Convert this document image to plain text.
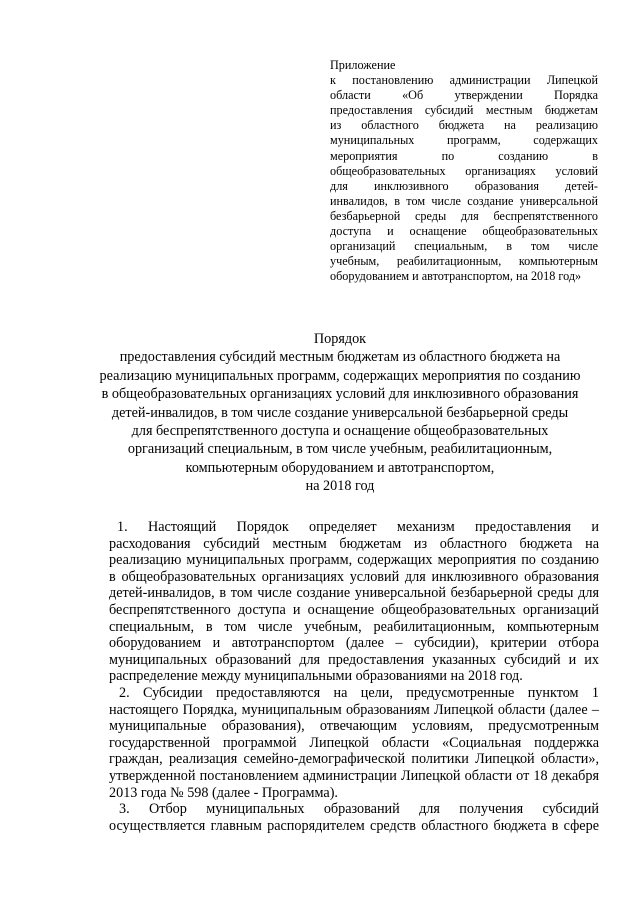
Приложение
к постановлению администрации Липецкой
области «Об утверждении Порядка
предоставления субсидий местным бюджетам
из областного бюджета на реализацию
муниципальных программ, содержащих
мероприятия по созданию в
общеобразовательных организациях условий
для инклюзивного образования детей-
инвалидов, в том числе создание универсальной
безбарьерной среды для беспрепятственного
доступа и оснащение общеобразовательных
организаций специальным, в том числе
учебным, реабилитационным, компьютерным
оборудованием и автотранспортом, на 2018 год»
Порядок
предоставления субсидий местным бюджетам из областного бюджета на
реализацию муниципальных программ, содержащих мероприятия по созданию
в общеобразовательных организациях условий для инклюзивного образования
детей-инвалидов, в том числе создание универсальной безбарьерной среды
для беспрепятственного доступа и оснащение общеобразовательных
организаций специальным, в том числе учебным, реабилитационным,
компьютерным оборудованием и автотранспортом,
на 2018 год
1. Настоящий Порядок определяет механизм предоставления и
расходования субсидий местным бюджетам из областного бюджета на
реализацию муниципальных программ, содержащих мероприятия по созданию
в общеобразовательных организациях условий для инклюзивного образования
детей-инвалидов, в том числе создание универсальной безбарьерной среды для
беспрепятственного доступа и оснащение общеобразовательных организаций
специальным, в том числе учебным, реабилитационным, компьютерным
оборудованием и автотранспортом (далее – субсидии), критерии отбора
муниципальных образований для предоставления указанных субсидий и их
распределение между муниципальными образованиями на 2018 год.
2. Субсидии предоставляются на цели, предусмотренные пунктом 1
настоящего Порядка, муниципальным образованиям Липецкой области (далее –
муниципальные образования), отвечающим условиям, предусмотренным
государственной программой Липецкой области «Социальная поддержка
граждан, реализация семейно-демографической политики Липецкой области»,
утвержденной постановлением администрации Липецкой области от 18 декабря
2013 года № 598 (далее - Программа).
3. Отбор муниципальных образований для получения субсидий
осуществляется главным распорядителем средств областного бюджета в сфере
